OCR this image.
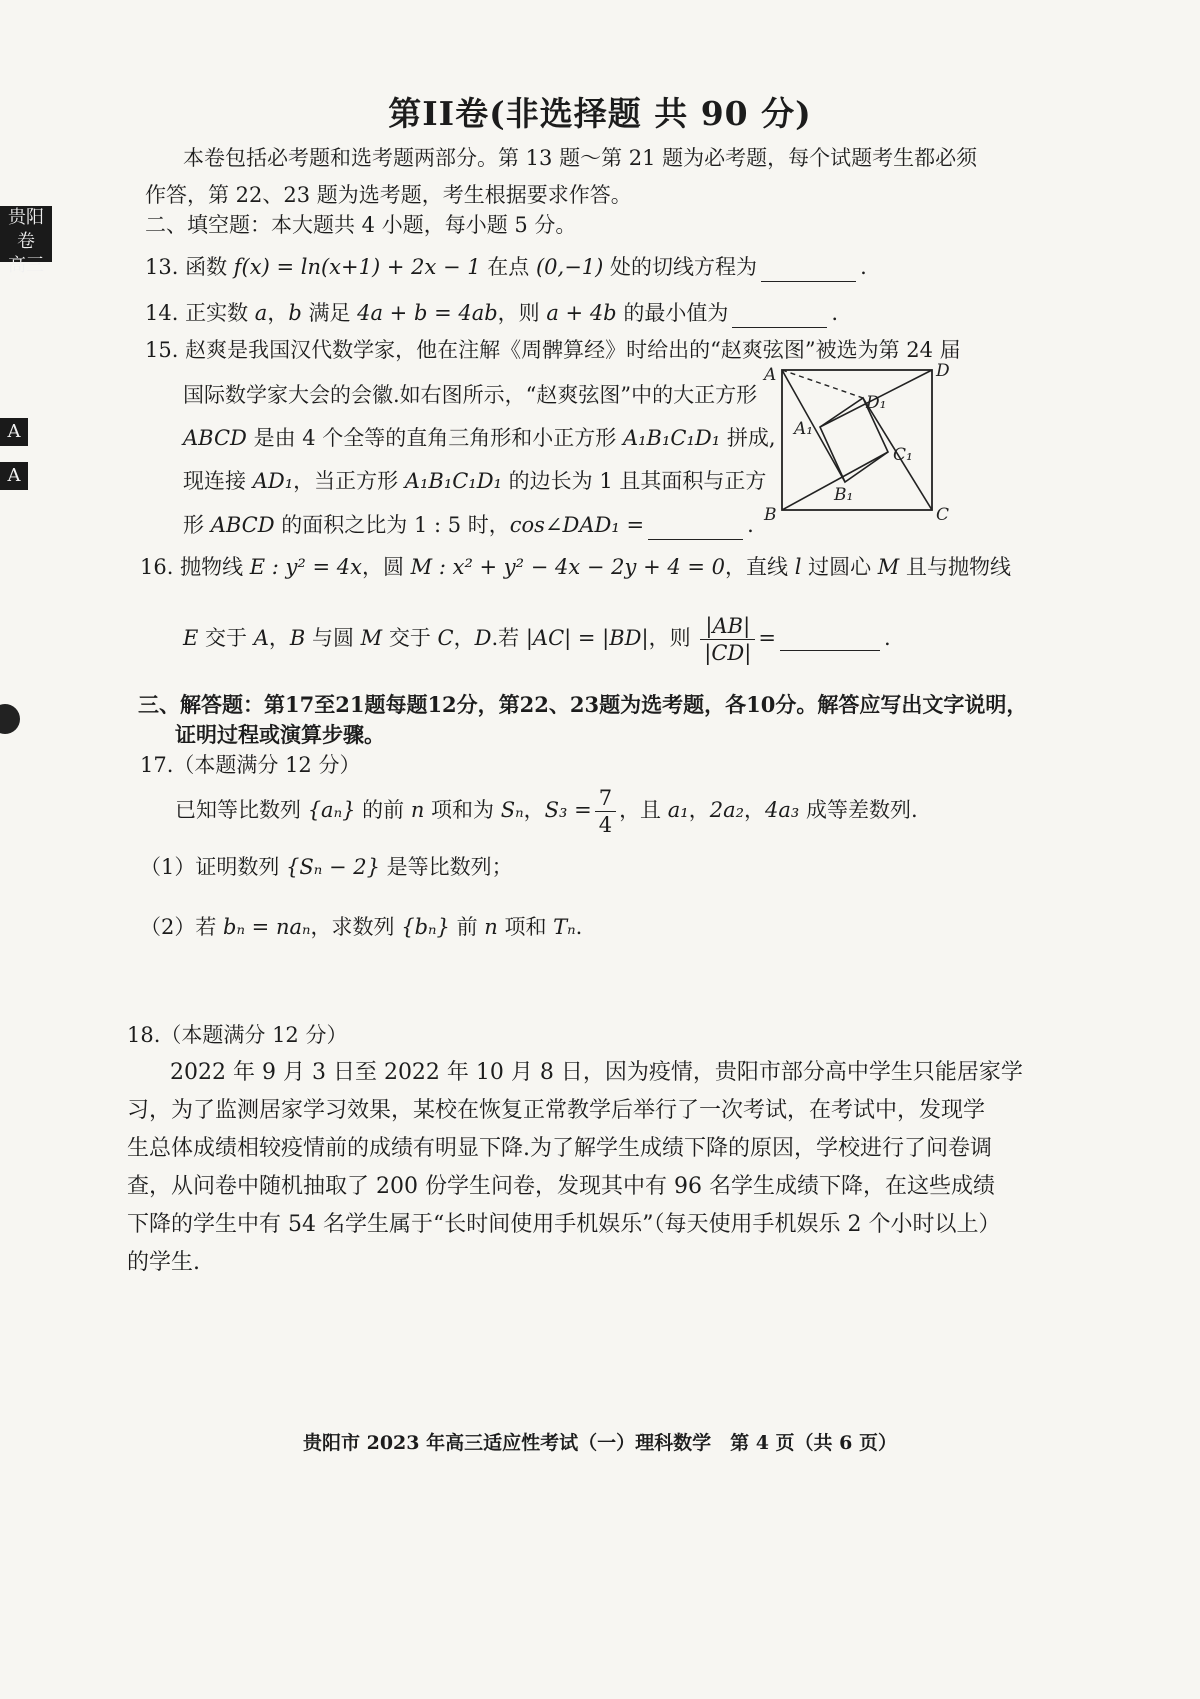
贵阳卷
高三
A
A
第II卷(非选择题 共 90 分)
本卷包括必考题和选考题两部分。第 13 题～第 21 题为必考题，每个试题考生都必须
作答，第 22、23 题为选考题，考生根据要求作答。
二、填空题：本大题共 4 小题，每小题 5 分。
13. 函数 f(x) = ln(x+1) + 2x − 1 在点 (0,−1) 处的切线方程为	.
14. 正实数 a，b 满足 4a + b = 4ab，则 a + 4b 的最小值为	.
15. 赵爽是我国汉代数学家，他在注解《周髀算经》时给出的“赵爽弦图”被选为第 24 届
国际数学家大会的会徽.如右图所示，“赵爽弦图”中的大正方形
ABCD 是由 4 个全等的直角三角形和小正方形 A₁B₁C₁D₁ 拼成,
现连接 AD₁，当正方形 A₁B₁C₁D₁ 的边长为 1 且其面积与正方
形 ABCD 的面积之比为 1 : 5 时，cos∠DAD₁ =	.
A	D
B	C
A₁
D₁
C₁
B₁
16. 抛物线 E : y² = 4x，圆 M : x² + y² − 4x − 2y + 4 = 0，直线 l 过圆心 M 且与抛物线
E 交于 A，B 与圆 M 交于 C，D.若 |AC| = |BD|，则 $\frac{|AB|}{|CD|}$ =	.
三、解答题：第17至21题每题12分，第22、23题为选考题，各10分。解答应写出文字说明，
证明过程或演算步骤。
17.（本题满分 12 分）
已知等比数列 {aₙ} 的前 n 项和为 Sₙ，$S_3 = \frac{7}{4}$ ，且 a₁，2a₂，4a₃ 成等差数列.
（1）证明数列 {Sₙ − 2} 是等比数列；
（2）若 bₙ = naₙ，求数列 {bₙ} 前 n 项和 Tₙ.
18.（本题满分 12 分）
2022 年 9 月 3 日至 2022 年 10 月 8 日，因为疫情，贵阳市部分高中学生只能居家学
习，为了监测居家学习效果，某校在恢复正常教学后举行了一次考试，在考试中，发现学
生总体成绩相较疫情前的成绩有明显下降.为了解学生成绩下降的原因，学校进行了问卷调
查，从问卷中随机抽取了 200 份学生问卷，发现其中有 96 名学生成绩下降，在这些成绩
下降的学生中有 54 名学生属于“长时间使用手机娱乐”（每天使用手机娱乐 2 个小时以上）
的学生.
贵阳市 2023 年高三适应性考试（一）理科数学　第 4 页（共 6 页）
